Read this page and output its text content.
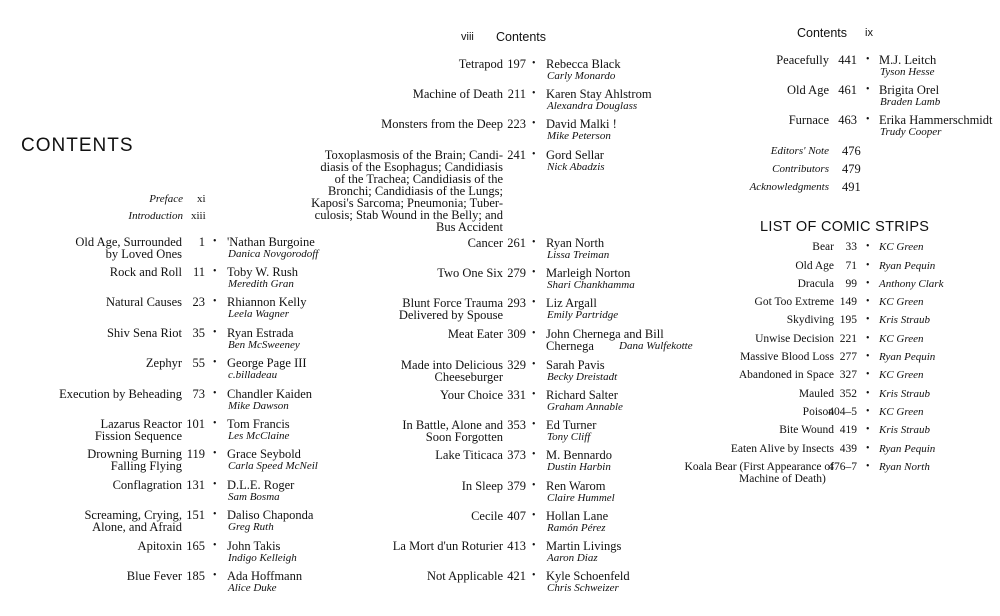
CONTENTS
Preface xi
Introduction xiii
Old Age, Surrounded
by Loved Ones
1 • 'Nathan Burgoine
Danica Novgorodoff
Rock and Roll 11 • Toby W. Rush
Meredith Gran
Natural Causes 23 • Rhiannon Kelly
Leela Wagner
Shiv Sena Riot 35 • Ryan Estrada
Ben McSweeney
Zephyr 55 • George Page III
c.billadeau
Execution by Beheading 73 • Chandler Kaiden
Mike Dawson
Lazarus Reactor
Fission Sequence
101 • Tom Francis
Les McClaine
Drowning Burning
Falling Flying
119 • Grace Seybold
Carla Speed McNeil
Conflagration 131 • D.L.E. Roger
Sam Bosma
Screaming, Crying,
Alone, and Afraid
151 • Daliso Chaponda
Greg Ruth
Apitoxin 165 • John Takis
Indigo Kelleigh
Blue Fever 185 • Ada Hoffmann
Alice Duke
viii Contents
Tetrapod 197 • Rebecca Black
Carly Monardo
Machine of Death 211 • Karen Stay Ahlstrom
Alexandra Douglass
Monsters from the Deep 223 • David Malki !
Mike Peterson
Toxoplasmosis of the Brain; Candi-
diasis of the Esophagus; Candidiasis
of the Trachea; Candidiasis of the
Bronchi; Candidiasis of the Lungs;
Kaposi's Sarcoma; Pneumonia; Tuber-
culosis; Stab Wound in the Belly; and
Bus Accident
241 • Gord Sellar
Nick Abadzis
Cancer 261 • Ryan North
Lissa Treiman
Two One Six 279 • Marleigh Norton
Shari Chankhamma
Blunt Force Trauma
Delivered by Spouse
293 • Liz Argall
Emily Partridge
Meat Eater 309 • John Chernega and Bill
Chernega Dana Wulfekotte
Made into Delicious
Cheeseburger
329 • Sarah Pavis
Becky Dreistadt
Your Choice 331 • Richard Salter
Graham Annable
In Battle, Alone and
Soon Forgotten
353 • Ed Turner
Tony Cliff
Lake Titicaca 373 • M. Bennardo
Dustin Harbin
In Sleep 379 • Ren Warom
Claire Hummel
Cecile 407 • Hollan Lane
Ramón Pérez
La Mort d'un Roturier 413 • Martin Livings
Aaron Diaz
Not Applicable 421 • Kyle Schoenfeld
Chris Schweizer
Contents ix
Peacefully 441 • M.J. Leitch
Tyson Hesse
Old Age 461 • Brigita Orel
Braden Lamb
Furnace 463 • Erika Hammerschmidt
Trudy Cooper
Editors' Note 476
Contributors 479
Acknowledgments 491
LIST OF COMIC STRIPS
Bear 33 • KC Green
Old Age 71 • Ryan Pequin
Dracula 99 • Anthony Clark
Got Too Extreme 149 • KC Green
Skydiving 195 • Kris Straub
Unwise Decision 221 • KC Green
Massive Blood Loss 277 • Ryan Pequin
Abandoned in Space 327 • KC Green
Mauled 352 • Kris Straub
Poison
404–5 • KC Green
Bite Wound 419 • Kris Straub
Eaten Alive by Insects 439 • Ryan Pequin
Koala Bear (First Appearance of
Machine of Death)
476–7 • Ryan North
